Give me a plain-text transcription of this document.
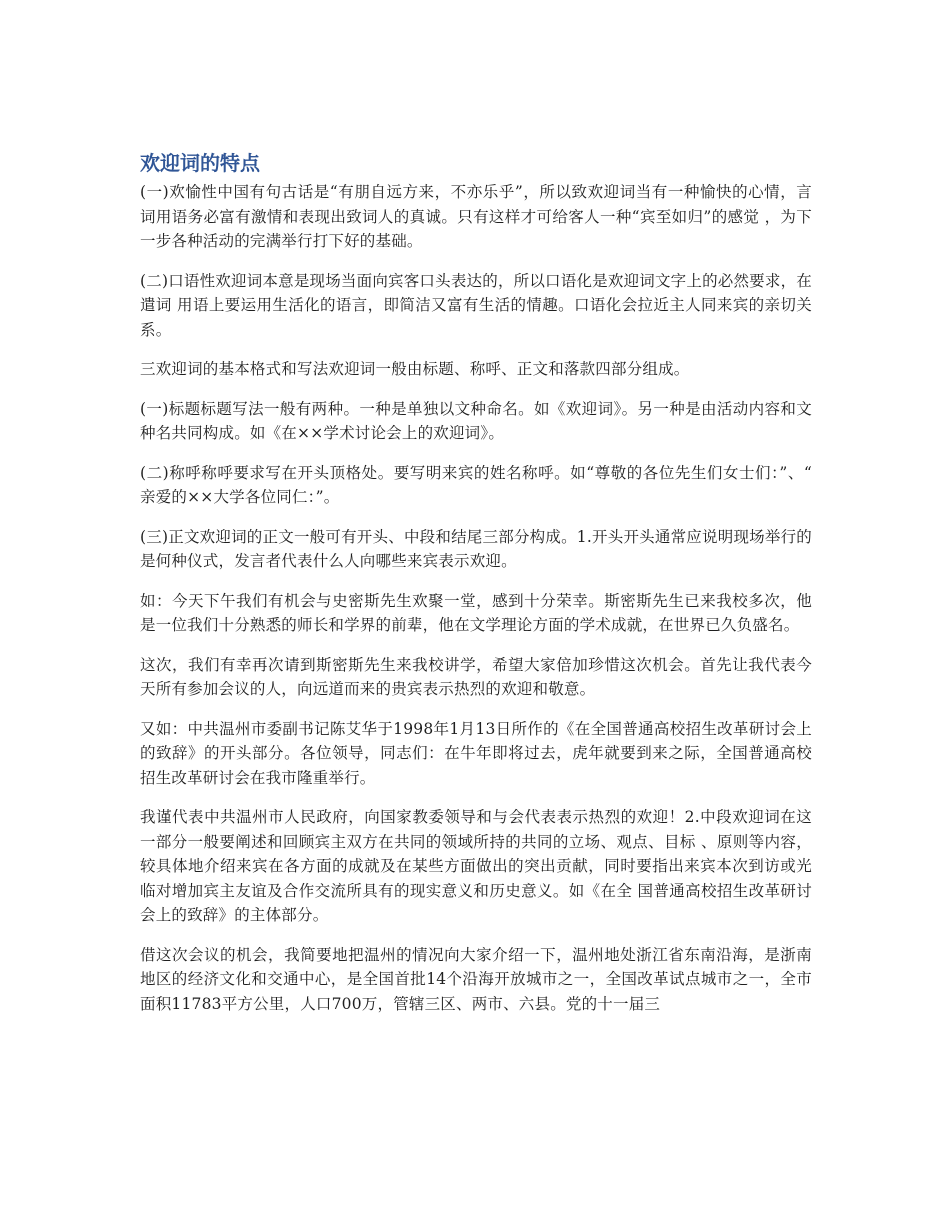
欢迎词的特点

(一)欢愉性中国有句古话是“有朋自远方来，不亦乐乎”，所以致欢迎词当有一种愉快的心情，言 词用语务必富有激情和表现出致词人的真诚。只有这样才可给客人一种“宾至如归”的感觉 ，为下一步各种活动的完满举行打下好的基础。

(二)口语性欢迎词本意是现场当面向宾客口头表达的，所以口语化是欢迎词文字上的必然要求，在遣词 用语上要运用生活化的语言，即简洁又富有生活的情趣。口语化会拉近主人同来宾的亲切关 系。

三欢迎词的基本格式和写法欢迎词一般由标题、称呼、正文和落款四部分组成。

(一)标题标题写法一般有两种。一种是单独以文种命名。如《欢迎词》。另一种是由活动内容和文种名共同构成。如《在××学术讨论会上的欢迎词》。

(二)称呼称呼要求写在开头顶格处。要写明来宾的姓名称呼。如“尊敬的各位先生们女士们：”、“ 亲爱的××大学各位同仁：”。

(三)正文欢迎词的正文一般可有开头、中段和结尾三部分构成。1.开头开头通常应说明现场举行的是何种仪式，发言者代表什么人向哪些来宾表示欢迎。

如：今天下午我们有机会与史密斯先生欢聚一堂，感到十分荣幸。斯密斯先生已来我校多次，他是一位我们十分熟悉的师长和学界的前辈，他在文学理论方面的学术成就，在世界已久负盛名。

这次，我们有幸再次请到斯密斯先生来我校讲学，希望大家倍加珍惜这次机会。首先让我代表今天所有参加会议的人，向远道而来的贵宾表示热烈的欢迎和敬意。

又如：中共温州市委副书记陈艾华于1998年1月13日所作的《在全国普通高校招生改革研讨会上的致辞》的开头部分。各位领导，同志们：在牛年即将过去，虎年就要到来之际，全国普通高校招生改革研讨会在我市隆重举行。

我谨代表中共温州市人民政府，向国家教委领导和与会代表表示热烈的欢迎！2.中段欢迎词在这一部分一般要阐述和回顾宾主双方在共同的领域所持的共同的立场、观点、目标 、原则等内容，较具体地介绍来宾在各方面的成就及在某些方面做出的突出贡献，同时要指出来宾本次到访或光临对增加宾主友谊及合作交流所具有的现实意义和历史意义。如《在全 国普通高校招生改革研讨会上的致辞》的主体部分。

借这次会议的机会，我简要地把温州的情况向大家介绍一下，温州地处浙江省东南沿海，是浙南地区的经济文化和交通中心，是全国首批14个沿海开放城市之一，全国改革试点城市之一，全市面积11783平方公里，人口700万，管辖三区、两市、六县。党的十一届三
